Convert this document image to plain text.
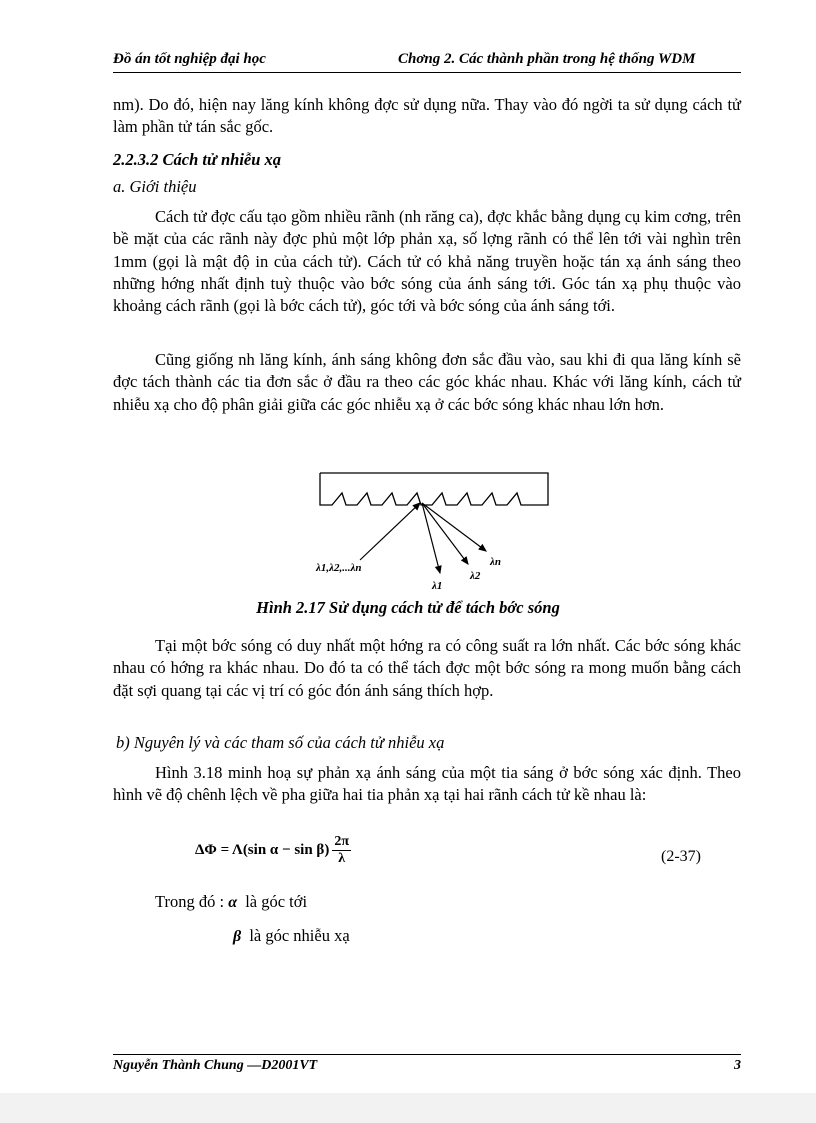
Đồ án tốt nghiệp đại học	Chơng 2. Các thành phần trong hệ thống WDM
nm). Do đó, hiện nay lăng kính không đợc sử dụng nữa. Thay vào đó ngời ta sử dụng cách tử làm phần tử tán sắc gốc.
2.2.3.2 Cách tử nhiễu xạ
a. Giới thiệu
Cách tử đợc cấu tạo gồm nhiều rãnh (nh răng ca), đợc khắc bằng dụng cụ kim cơng, trên bề mặt của các rãnh này đợc phủ một lớp phản xạ, số lợng rãnh có thể lên tới vài nghìn trên 1mm (gọi là mật độ in của cách tử). Cách tử có khả năng truyền hoặc tán xạ ánh sáng theo những hớng nhất định tuỳ thuộc vào bớc sóng của ánh sáng tới. Góc tán xạ phụ thuộc vào khoảng cách rãnh (gọi là bớc cách tử), góc tới và bớc sóng của ánh sáng tới.
Cũng giống nh lăng kính, ánh sáng không đơn sắc đầu vào, sau khi đi qua lăng kính sẽ đợc tách thành các tia đơn sắc ở đầu ra theo các góc khác nhau. Khác với lăng kính, cách tử nhiễu xạ cho độ phân giải giữa các góc nhiễu xạ ở các bớc sóng khác nhau lớn hơn.
λ1,λ2,...λn
λ1
λ2
λn
Hình 2.17 Sử dụng cách tử để tách bớc sóng
Tại một bớc sóng có duy nhất một hớng ra có công suất ra lớn nhất. Các bớc sóng khác nhau có hớng ra khác nhau. Do đó ta có thể tách đợc một bớc sóng ra mong muốn bằng cách đặt sợi quang tại các vị trí có góc đón ánh sáng thích hợp.
b) Nguyên lý và các tham số của cách tử nhiễu xạ
Hình 3.18 minh hoạ sự phản xạ ánh sáng của một tia sáng ở bớc sóng xác định. Theo hình vẽ độ chênh lệch về pha giữa hai tia phản xạ tại hai rãnh cách tử kề nhau là:
ΔΦ = Λ(sin $\alpha - \sin \beta) \frac{2\pi}{\lambda}$	(2-37)
Trong đó : α là góc tới
β là góc nhiễu xạ
Nguyễn Thành Chung —D2001VT	3
